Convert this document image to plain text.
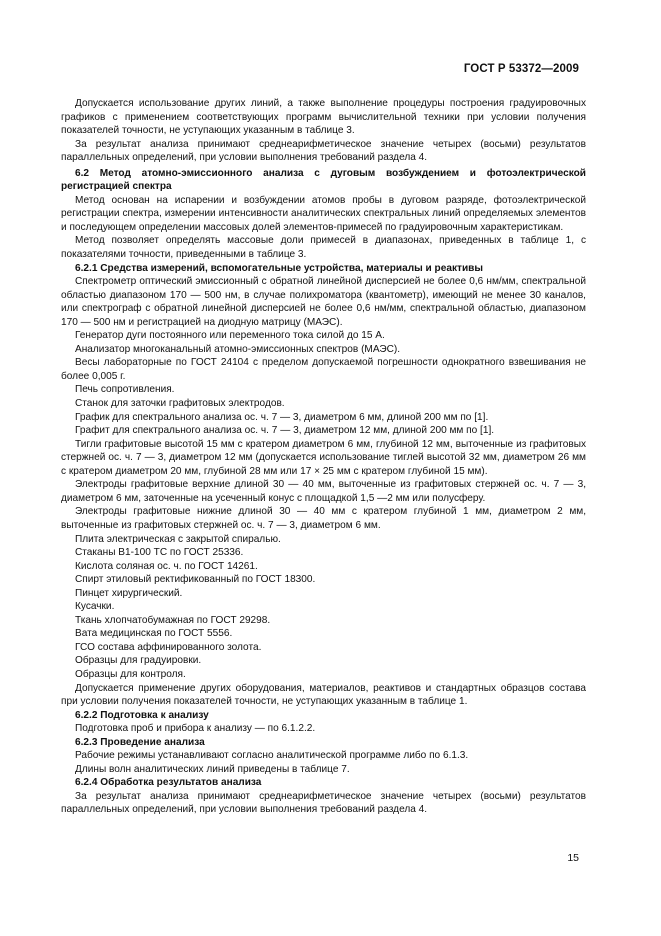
ГОСТ Р 53372—2009

Допускается использование других линий, а также выполнение процедуры построения градуировочных графиков с применением соответствующих программ вычислительной техники при условии получения показателей точности, не уступающих указанным в таблице 3.

За результат анализа принимают среднеарифметическое значение четырех (восьми) результатов параллельных определений, при условии выполнения требований раздела 4.

6.2 Метод атомно-эмиссионного анализа с дуговым возбуждением и фотоэлектрической регистрацией спектра

Метод основан на испарении и возбуждении атомов пробы в дуговом разряде, фотоэлектрической регистрации спектра, измерении интенсивности аналитических спектральных линий определяемых элементов и последующем определении массовых долей элементов-примесей по градуировочным характеристикам.

Метод позволяет определять массовые доли примесей в диапазонах, приведенных в таблице 1, с показателями точности, приведенными в таблице 3.

6.2.1 Средства измерений, вспомогательные устройства, материалы и реактивы

Спектрометр оптический эмиссионный с обратной линейной дисперсией не более 0,6 нм/мм, спектральной областью диапазоном 170 — 500 нм, в случае полихроматора (квантометр), имеющий не менее 30 каналов, или спектрограф с обратной линейной дисперсией не более 0,6 нм/мм, спектральной областью, диапазоном 170 — 500 нм и регистрацией на диодную матрицу (МАЭС).

Генератор дуги постоянного или переменного тока силой до 15 А.

Анализатор многоканальный атомно-эмиссионных спектров (МАЭС).

Весы лабораторные по ГОСТ 24104 с пределом допускаемой погрешности однократного взвешивания не более 0,005 г.

Печь сопротивления.

Станок для заточки графитовых электродов.

График для спектрального анализа ос. ч. 7 — 3, диаметром 6 мм, длиной 200 мм по [1].

Графит для спектрального анализа ос. ч. 7 — 3, диаметром 12 мм, длиной 200 мм по [1].

Тигли графитовые высотой 15 мм с кратером диаметром 6 мм, глубиной 12 мм, выточенные из графитовых стержней ос. ч. 7 — 3, диаметром 12 мм (допускается использование тиглей высотой 32 мм, диаметром 26 мм с кратером диаметром 20 мм, глубиной 28 мм или 17 × 25 мм с кратером глубиной 15 мм).

Электроды графитовые верхние длиной 30 — 40 мм, выточенные из графитовых стержней ос. ч. 7 — 3, диаметром 6 мм, заточенные на усеченный конус с площадкой 1,5 —2 мм или полусферу.

Электроды графитовые нижние длиной 30 — 40 мм с кратером глубиной 1 мм, диаметром 2 мм, выточенные из графитовых стержней ос. ч. 7 — 3, диаметром 6 мм.

Плита электрическая с закрытой спиралью.

Стаканы В1-100 ТС по ГОСТ 25336.

Кислота соляная ос. ч. по ГОСТ 14261.

Спирт этиловый ректификованный по ГОСТ 18300.

Пинцет хирургический.

Кусачки.

Ткань хлопчатобумажная по ГОСТ 29298.

Вата медицинская по ГОСТ 5556.

ГСО состава аффинированного золота.

Образцы для градуировки.

Образцы для контроля.

Допускается применение других оборудования, материалов, реактивов и стандартных образцов состава при условии получения показателей точности, не уступающих указанным в таблице 1.

6.2.2 Подготовка к анализу

Подготовка проб и прибора к анализу — по 6.1.2.2.

6.2.3 Проведение анализа

Рабочие режимы устанавливают согласно аналитической программе либо по 6.1.3.

Длины волн аналитических линий приведены в таблице 7.

6.2.4 Обработка результатов анализа

За результат анализа принимают среднеарифметическое значение четырех (восьми) результатов параллельных определений, при условии выполнения требований раздела 4.

15
